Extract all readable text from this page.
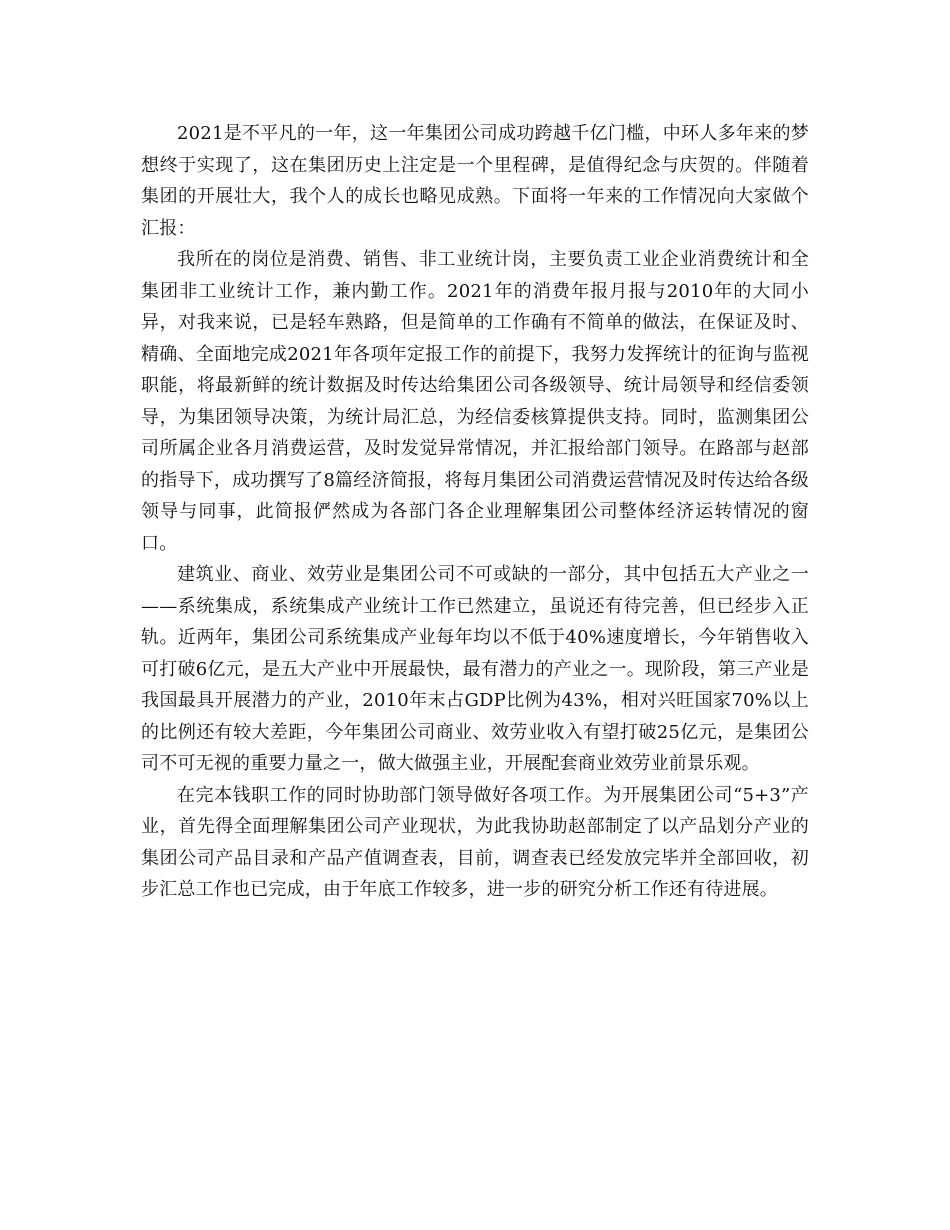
2021是不平凡的一年，这一年集团公司成功跨越千亿门槛，中环人多年来的梦想终于实现了，这在集团历史上注定是一个里程碑，是值得纪念与庆贺的。伴随着集团的开展壮大，我个人的成长也略见成熟。下面将一年来的工作情况向大家做个汇报：

我所在的岗位是消费、销售、非工业统计岗，主要负责工业企业消费统计和全集团非工业统计工作，兼内勤工作。2021年的消费年报月报与2010年的大同小异，对我来说，已是轻车熟路，但是简单的工作确有不简单的做法，在保证及时、精确、全面地完成2021年各项年定报工作的前提下，我努力发挥统计的征询与监视职能，将最新鲜的统计数据及时传达给集团公司各级领导、统计局领导和经信委领导，为集团领导决策，为统计局汇总，为经信委核算提供支持。同时，监测集团公司所属企业各月消费运营，及时发觉异常情况，并汇报给部门领导。在路部与赵部的指导下，成功撰写了8篇经济简报，将每月集团公司消费运营情况及时传达给各级领导与同事，此简报俨然成为各部门各企业理解集团公司整体经济运转情况的窗口。

建筑业、商业、效劳业是集团公司不可或缺的一部分，其中包括五大产业之一——系统集成，系统集成产业统计工作已然建立，虽说还有待完善，但已经步入正轨。近两年，集团公司系统集成产业每年均以不低于40%速度增长，今年销售收入可打破6亿元，是五大产业中开展最快，最有潜力的产业之一。现阶段，第三产业是我国最具开展潜力的产业，2010年末占GDP比例为43%，相对兴旺国家70%以上的比例还有较大差距，今年集团公司商业、效劳业收入有望打破25亿元，是集团公司不可无视的重要力量之一，做大做强主业，开展配套商业效劳业前景乐观。

在完本钱职工作的同时协助部门领导做好各项工作。为开展集团公司“5+3”产业，首先得全面理解集团公司产业现状，为此我协助赵部制定了以产品划分产业的集团公司产品目录和产品产值调查表，目前，调查表已经发放完毕并全部回收，初步汇总工作也已完成，由于年底工作较多，进一步的研究分析工作还有待进展。
